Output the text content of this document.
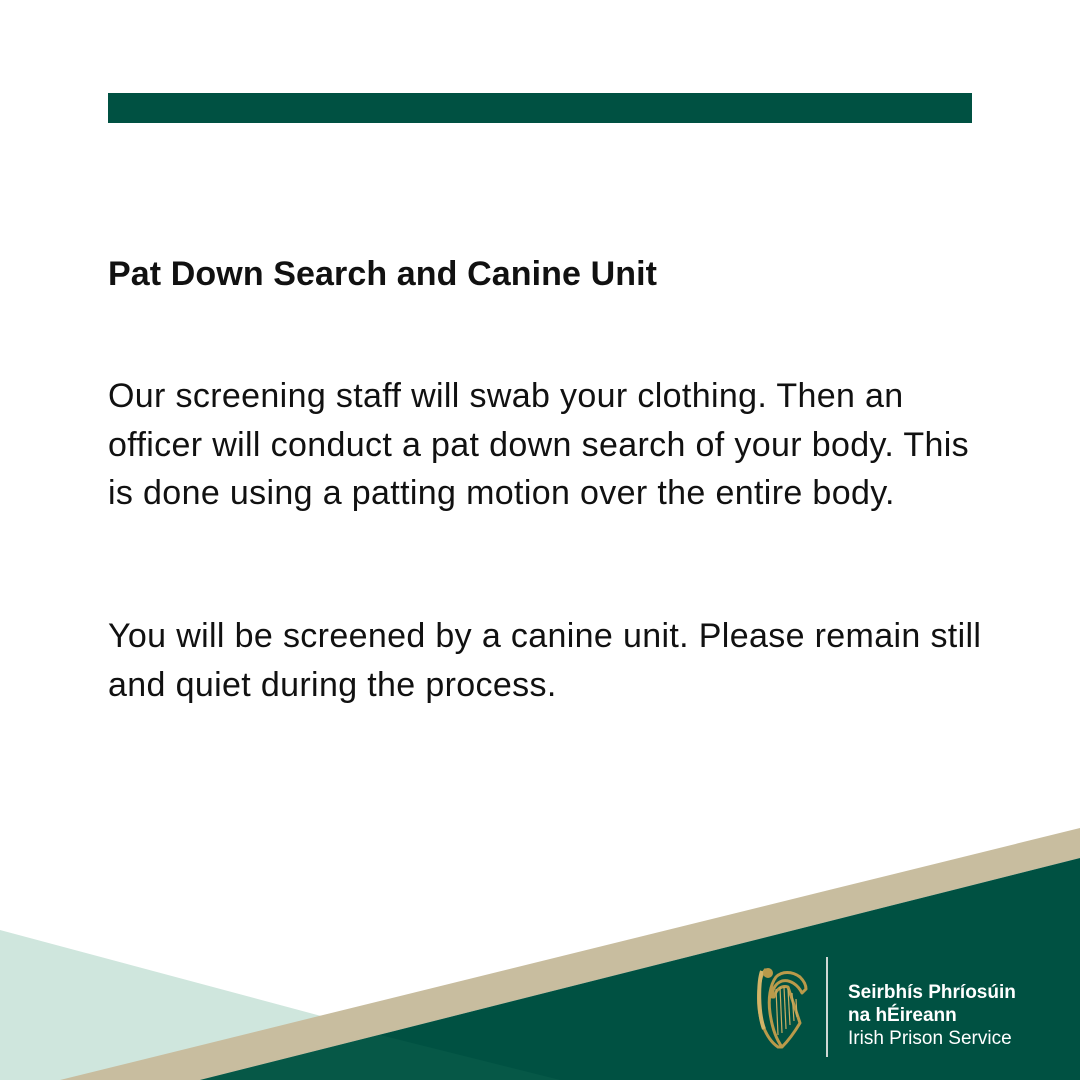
Pat Down Search and Canine Unit

Our screening staff will swab your clothing. Then an officer will conduct a pat down search of your body. This is done using a patting motion over the entire body.

You will be screened by a canine unit. Please remain still and quiet during the process.

Seirbhís Phríosúin
na hÉireann
Irish Prison Service
